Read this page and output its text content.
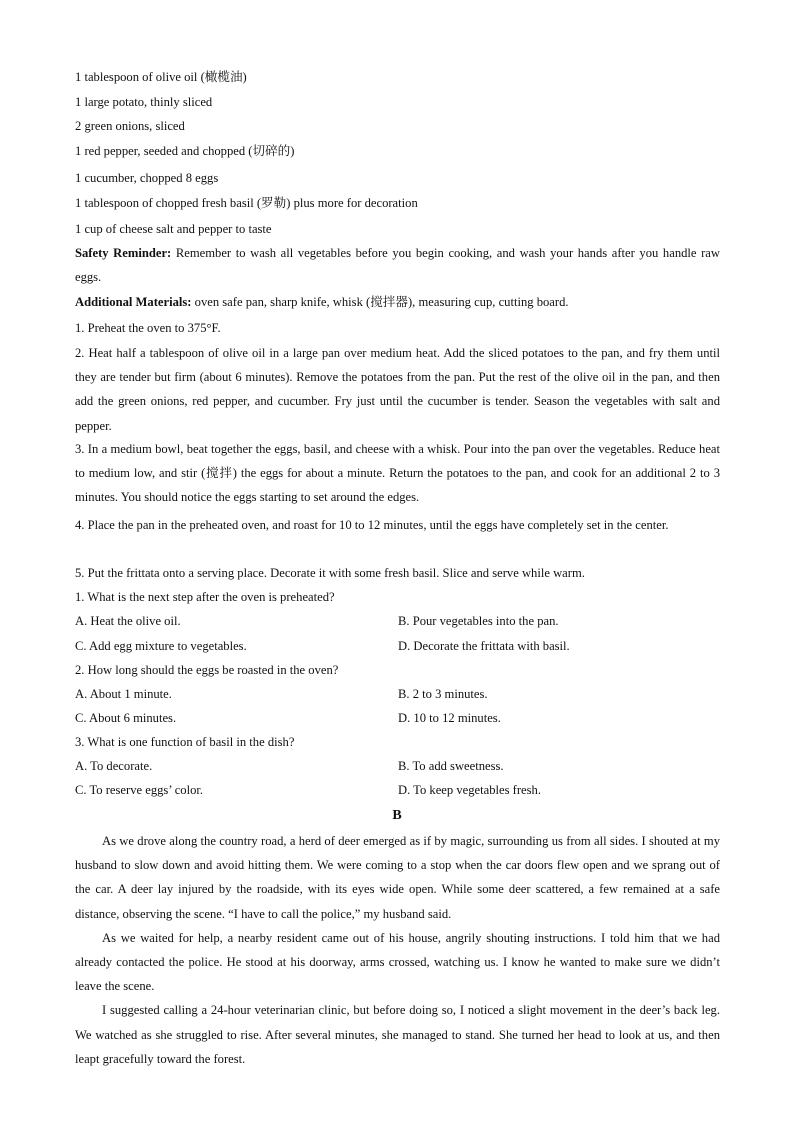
1 tablespoon of olive oil (橄榄油)
1 large potato, thinly sliced
2 green onions, sliced
1 red pepper, seeded and chopped (切碎的)
1 cucumber, chopped 8 eggs
1 tablespoon of chopped fresh basil (罗勒) plus more for decoration
1 cup of cheese salt and pepper to taste

Safety Reminder: Remember to wash all vegetables before you begin cooking, and wash your hands after you handle raw eggs.

Additional Materials: oven safe pan, sharp knife, whisk (搅拌器), measuring cup, cutting board.
1. Preheat the oven to 375°F.

2. Heat half a tablespoon of olive oil in a large pan over medium heat. Add the sliced potatoes to the pan, and fry them until they are tender but firm (about 6 minutes). Remove the potatoes from the pan. Put the rest of the olive oil in the pan, and then add the green onions, red pepper, and cucumber. Fry just until the cucumber is tender. Season the vegetables with salt and pepper.

3. In a medium bowl, beat together the eggs, basil, and cheese with a whisk. Pour into the pan over the vegetables. Reduce heat to medium low, and stir (搅拌) the eggs for about a minute. Return the potatoes to the pan, and cook for an additional 2 to 3 minutes. You should notice the eggs starting to set around the edges.

4. Place the pan in the preheated oven, and roast for 10 to 12 minutes, until the eggs have completely set in the center.

5. Put the frittata onto a serving place. Decorate it with some fresh basil. Slice and serve while warm.
1. What is the next step after the oven is preheated?
A. Heat the olive oil.	B. Pour vegetables into the pan.
C. Add egg mixture to vegetables.	D. Decorate the frittata with basil.
2. How long should the eggs be roasted in the oven?
A. About 1 minute.	B. 2 to 3 minutes.
C. About 6 minutes.	D. 10 to 12 minutes.
3. What is one function of basil in the dish?
A. To decorate.	B. To add sweetness.
C. To reserve eggs’ color.	D. To keep vegetables fresh.
B

As we drove along the country road, a herd of deer emerged as if by magic, surrounding us from all sides. I shouted at my husband to slow down and avoid hitting them. We were coming to a stop when the car doors flew open and we sprang out of the car. A deer lay injured by the roadside, with its eyes wide open. While some deer scattered, a few remained at a safe distance, observing the scene. “I have to call the police,” my husband said.

As we waited for help, a nearby resident came out of his house, angrily shouting instructions. I told him that we had already contacted the police. He stood at his doorway, arms crossed, watching us. I know he wanted to make sure we didn’t leave the scene.

I suggested calling a 24-hour veterinarian clinic, but before doing so, I noticed a slight movement in the deer’s back leg. We watched as she struggled to rise. After several minutes, she managed to stand. She turned her head to look at us, and then leapt gracefully toward the forest.
